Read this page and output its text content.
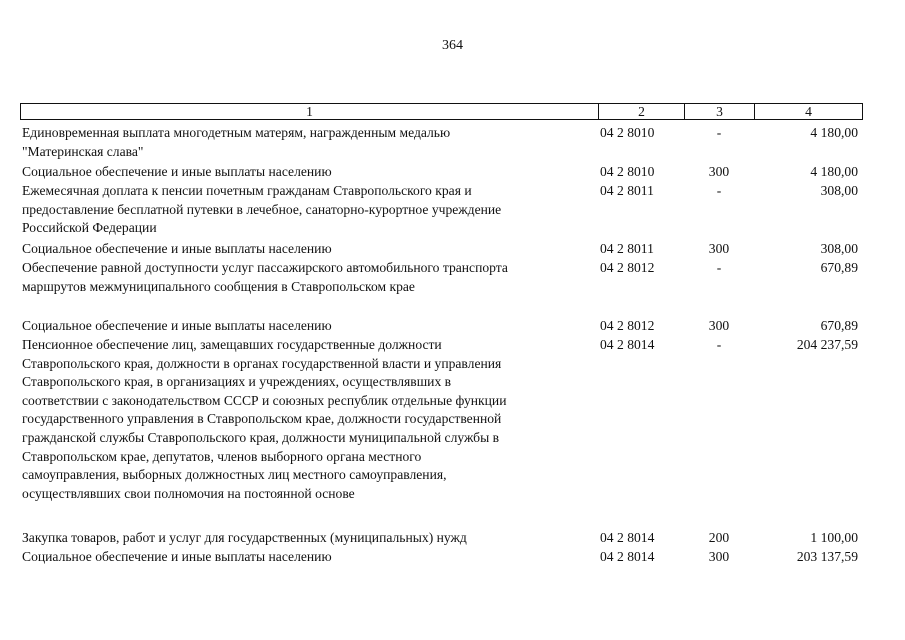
364
1	2	3	4
Единовременная выплата многодетным матерям, награжденным медалью
"Материнская слава"
04 2 8010	-	4 180,00
Социальное обеспечение и иные выплаты населению	04 2 8010	300	4 180,00
Ежемесячная доплата к пенсии почетным гражданам Ставропольского края и
предоставление бесплатной путевки в лечебное, санаторно-курортное учреждение
Российской Федерации
04 2 8011	-	308,00
Социальное обеспечение и иные выплаты населению	04 2 8011	300	308,00
Обеспечение равной доступности услуг пассажирского автомобильного транспорта
маршрутов межмуниципального сообщения в Ставропольском крае
04 2 8012	-	670,89
Социальное обеспечение и иные выплаты населению	04 2 8012	300	670,89
Пенсионное обеспечение лиц, замещавших государственные должности
Ставропольского края, должности в органах государственной власти и управления
Ставропольского края, в организациях и учреждениях, осуществлявших в
соответствии с законодательством СССР и союзных республик отдельные функции
государственного управления в Ставропольском крае, должности государственной
гражданской службы Ставропольского края, должности муниципальной службы в
Ставропольском крае, депутатов, членов выборного органа местного
самоуправления, выборных должностных лиц местного самоуправления,
осуществлявших свои полномочия на постоянной основе
04 2 8014	-	204 237,59
Закупка товаров, работ и услуг для государственных (муниципальных) нужд	04 2 8014	200	1 100,00
Социальное обеспечение и иные выплаты населению	04 2 8014	300	203 137,59
